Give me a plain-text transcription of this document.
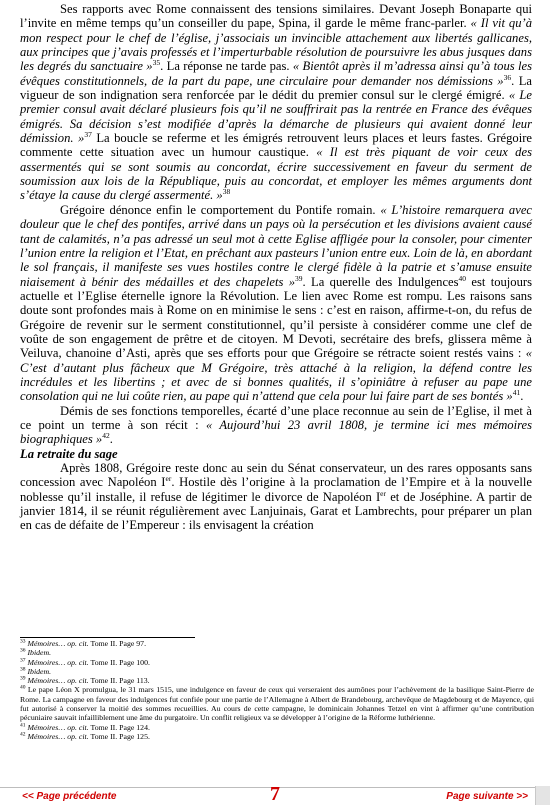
Ses rapports avec Rome connaissent des tensions similaires. Devant Joseph Bonaparte qui l’invite en même temps qu’un conseiller du pape, Spina, il garde le même franc-parler. « Il vit qu’à mon respect pour le chef de l’église, j’associais un invincible attachement aux libertés gallicanes, aux principes que j’avais professés et l’imperturbable résolution de poursuivre les abus jusques dans les degrés du sanctuaire »$^{35}$. La réponse ne tarde pas. « Bientôt après il m’adressa ainsi qu’à tous les évêques constitutionnels, de la part du pape, une circulaire pour demander nos démissions »$^{36}$. La vigueur de son indignation sera renforcée par le dédit du premier consul sur le clergé émigré. « Le premier consul avait déclaré plusieurs fois qu’il ne souffrirait pas la rentrée en France des évêques émigrés. Sa décision s’est modifiée d’après la démarche de plusieurs qui avaient donné leur démission. »$^{37}$ La boucle se referme et les émigrés retrouvent leurs places et leurs fastes. Grégoire commente cette situation avec un humour caustique. « Il est très piquant de voir ceux des assermentés qui se sont soumis au concordat, écrire successivement en faveur du serment de soumission aux lois de la République, puis au concordat, et employer les mêmes arguments dont s’étaye la cause du clergé assermenté. »$^{38}$

Grégoire dénonce enfin le comportement du Pontife romain. « L’histoire remarquera avec douleur que le chef des pontifes, arrivé dans un pays où la persécution et les divisions avaient causé tant de calamités, n’a pas adressé un seul mot à cette Eglise affligée pour la consoler, pour cimenter l’union entre la religion et l’Etat, en prêchant aux pasteurs l’union entre eux. Loin de là, en abordant le sol français, il manifeste ses vues hostiles contre le clergé fidèle à la patrie et s’amuse ensuite niaisement à bénir des médailles et des chapelets »$^{39}$. La querelle des Indulgences$^{40}$ est toujours actuelle et l’Eglise éternelle ignore la Révolution. Le lien avec Rome est rompu. Les raisons sans doute sont profondes mais à Rome on en minimise le sens : c’est en raison, affirme-t-on, du refus de Grégoire de revenir sur le serment constitutionnel, qu’il persiste à considérer comme une clef de voûte de son engagement de prêtre et de citoyen. M Devoti, secrétaire des brefs, glissera même à Veiluva, chanoine d’Asti, après que ses efforts pour que Grégoire se rétracte soient restés vains : « C’est d’autant plus fâcheux que M Grégoire, très attaché à la religion, la défend contre les incrédules et les libertins ; et avec de si bonnes qualités, il s’opiniâtre à refuser au pape une consolation qui ne lui coûte rien, au pape qui n’attend que cela pour lui faire part de ses bontés »$^{41}$.

Démis de ses fonctions temporelles, écarté d’une place reconnue au sein de l’Eglise, il met à ce point un terme à son récit : « Aujourd’hui 23 avril 1808, je termine ici mes mémoires biographiques »$^{42}$.

La retraite du sage

Après 1808, Grégoire reste donc au sein du Sénat conservateur, un des rares opposants sans concession avec Napoléon Ier. Hostile dès l’origine à la proclamation de l’Empire et à la nouvelle noblesse qu’il installe, il refuse de légitimer le divorce de Napoléon Ier et de Joséphine. A partir de janvier 1814, il se réunit régulièrement avec Lanjuinais, Garat et Lambrechts, pour préparer un plan en cas de défaite de l’Empereur : ils envisagent la création

$^{33}$ Mémoires… op. cit. Tome II. Page 97.
$^{36}$ Ibidem.
$^{37}$ Mémoires… op. cit. Tome II. Page 100.
$^{38}$ Ibidem.
$^{39}$ Mémoires… op. cit. Tome II. Page 113.
$^{40}$ Le pape Léon X promulgua, le 31 mars 1515, une indulgence en faveur de ceux qui verseraient des aumônes pour l’achèvement de la basilique Saint-Pierre de Rome. La campagne en faveur des indulgences fut confiée pour une partie de l’Allemagne à Albert de Brandebourg, archevêque de Magdebourg et de Mayence, qui fut autorisé à conserver la moitié des sommes recueillies. Au cours de cette campagne, le dominicain Johannes Tetzel en vint à affirmer qu’une contribution pécuniaire sauvait infailliblement une âme du purgatoire. Un conflit religieux va se développer à l’origine de la Réforme luthérienne.
$^{41}$ Mémoires… op. cit. Tome II. Page 124.
$^{42}$ Mémoires… op. cit. Tome II. Page 125.
<< Page précédente	7	Page suivante >>
